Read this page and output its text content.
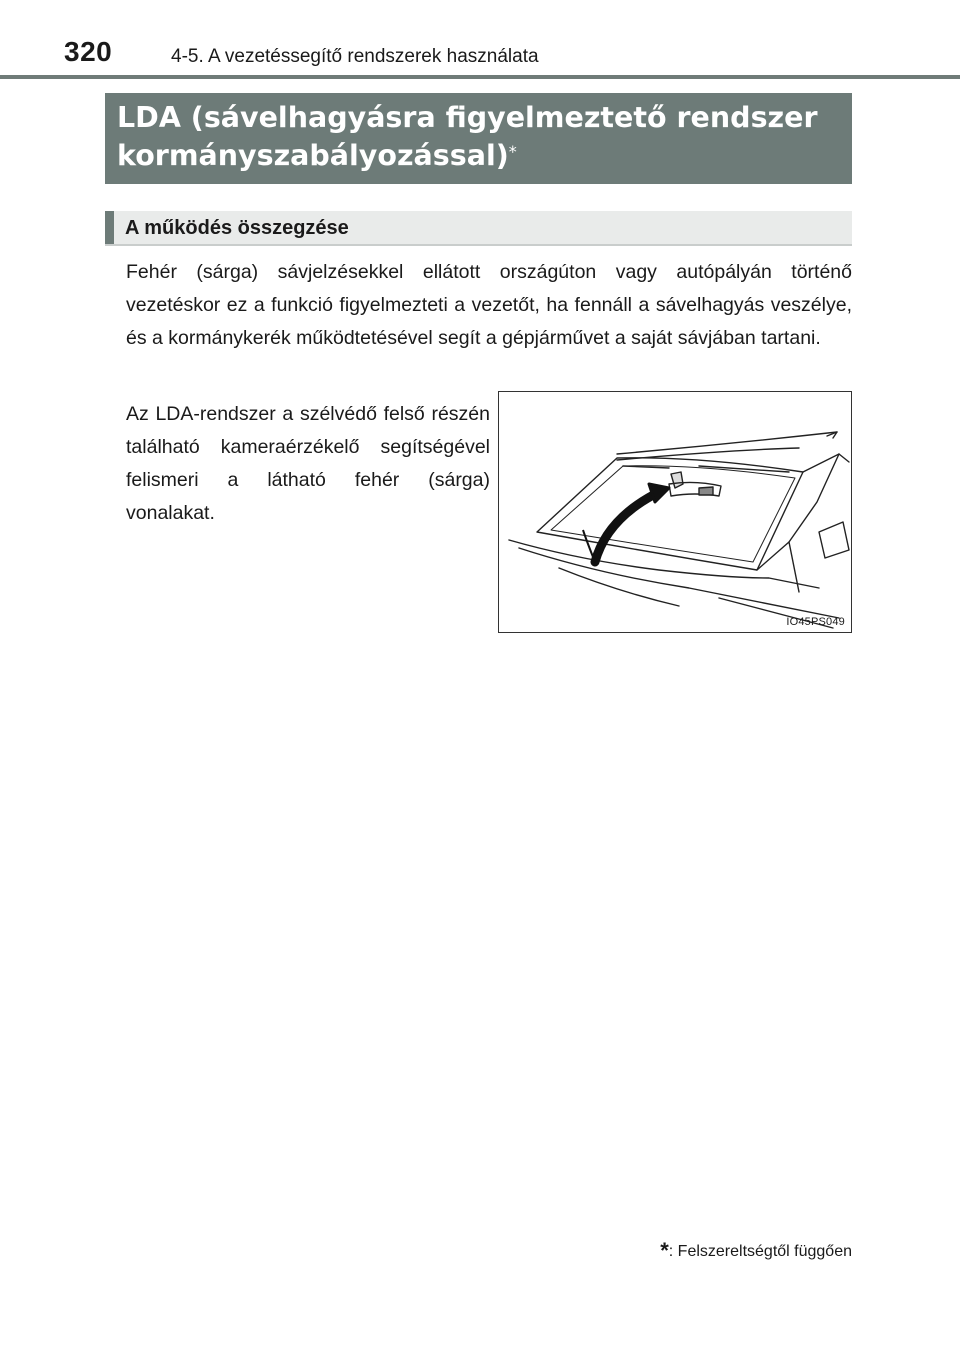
320	4-5. A vezetéssegítő rendszerek használata
LDA (sávelhagyásra figyelmeztető rendszer
kormányszabályozással)*
A működés összegzése
Fehér (sárga) sávjelzésekkel ellátott országúton vagy autópályán történő vezetéskor ez a funkció figyelmezteti a vezetőt, ha fennáll a sávelhagyás veszélye, és a kormánykerék működtetésével segít a gépjárművet a saját sávjában tartani.
Az LDA-rendszer a szélvédő felső részén található kameraérzékelő segítségével felismeri a látható fehér (sárga) vonalakat.
IO45PS049
*: Felszereltségtől függően
